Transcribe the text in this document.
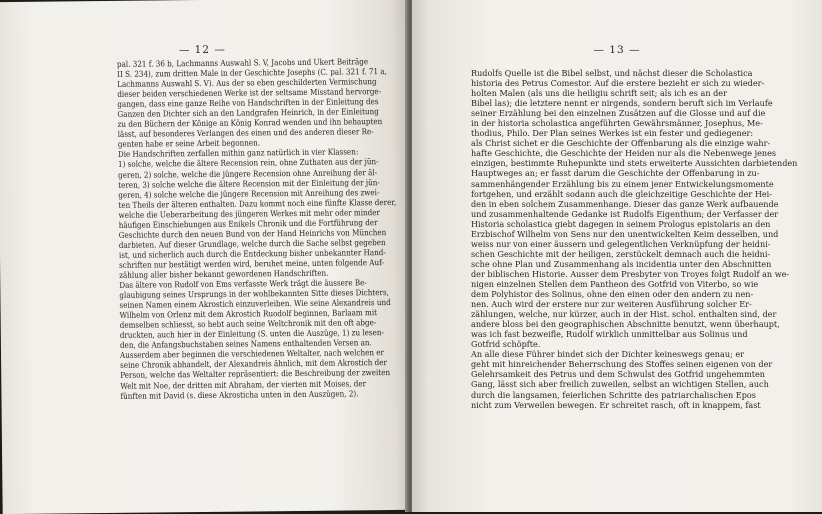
— 12 —
pal. 321 f. 36 b, Lachmanns Auswahl S. V, Jacobs und Ukert Beiträge
II S. 234), zum dritten Male in der Geschichte Josephs (C. pal. 321 f. 71 a,
Lachmanns Auswahl S. V). Aus der so eben geschilderten Vermischung
dieser beiden verschiedenen Werke ist der seltsame Misstand hervorge-
gangen, dass eine ganze Reihe von Handschriften in der Einleitung des
Ganzen den Dichter sich an den Landgrafen Heinrich, in der Einleitung
zu den Büchern der Könige an König Konrad wenden und ihn behaupten
lässt, auf besonderes Verlangen des einen und des anderen dieser Re-
genten habe er seine Arbeit begonnen.
Die Handschriften zerfallen mithin ganz natürlich in vier Klassen:
1) solche, welche die ältere Recension rein, ohne Zuthaten aus der jün-
geren, 2) solche, welche die jüngere Recension ohne Anreihung der äl-
teren, 3) solche welche die ältere Recension mit der Einleitung der jün-
geren, 4) solche welche die jüngere Recension mit Anreihung des zwei-
ten Theils der älteren enthalten. Dazu kommt noch eine fünfte Klasse derer,
welche die Ueberarbeitung des jüngeren Werkes mit mehr oder minder
häufigen Einschiebungen aus Enikels Chronik und die Fortführung der
Geschichte durch den neuen Bund von der Hand Heinrichs von München
darbieten. Auf dieser Grundlage, welche durch die Sache selbst gegeben
ist, und sicherlich auch durch die Entdeckung bisher unbekannter Hand-
schriften nur bestätigt werden wird, beruhet meine, unten folgende Auf-
zählung aller bisher bekannt gewordenen Handschriften.
Das ältere von Rudolf von Ems verfasste Werk trägt die äussere Be-
glaubigung seines Ursprungs in der wohlbekannten Sitte dieses Dichters,
seinen Namen einem Akrostich einzuverleiben. Wie seine Alexandreis und
Wilhelm von Orlenz mit dem Akrostich Ruodolf beginnen, Barlaam mit
demselben schliesst, so hebt auch seine Weltchronik mit den oft abge-
druckten, auch hier in der Einleitung (S. unten die Auszüge, 1) zu lesen-
den, die Anfangsbuchstaben seines Namens enthaltenden Versen an.
Ausserdem aber beginnen die verschiedenen Weltalter, nach welchen er
seine Chronik abhandelt, der Alexandreis ähnlich, mit dem Akrostich der
Person, welche das Weltalter repräsentiert: die Beschreibung der zweiten
Welt mit Noe, der dritten mit Abraham, der vierten mit Moises, der
fünften mit David (s. diese Akrosticha unten in den Auszügen, 2).
— 13 —
Rudolfs Quelle ist die Bibel selbst, und nächst dieser die Scholastica
historia des Petrus Comestor. Auf die erstere bezieht er sich zu wieder-
holten Malen (als uns die heiligiu schrift seit; als ich es an der
Bibel las); die letztere nennt er nirgends, sondern beruft sich im Verlaufe
seiner Erzählung bei den einzelnen Zusätzen auf die Glosse und auf die
in der historia scholastica angeführten Gewährsmänner, Josephus, Me-
thodius, Philo. Der Plan seines Werkes ist ein fester und gediegener:
als Christ sichet er die Geschichte der Offenbarung als die einzige wahr-
hafte Geschichte, die Geschichte der Heiden nur als die Nebenwege jenes
einzigen, bestimmte Ruhepunkte und stets erweiterte Aussichten darbietenden
Hauptweges an; er fasst darum die Geschichte der Offenbarung in zu-
sammenhängender Erzählung bis zu einem jener Entwickelungsmomente
fortgehen, und erzählt sodann auch die gleichzeitige Geschichte der Hei-
den in eben solchem Zusammenhange. Dieser das ganze Werk aufbauende
und zusammenhaltende Gedanke ist Rudolfs Eigenthum; der Verfasser der
Historia scholastica giebt dagegen in seinem Prologus epistolaris an den
Erzbischof Wilhelm von Sens nur den unentwickelten Keim desselben, und
weiss nur von einer äussern und gelegentlichen Verknüpfung der heidni-
schen Geschichte mit der heiligen, zerstückelt demnach auch die heidni-
sche ohne Plan und Zusammenhang als incidentia unter den Abschnitten
der biblischen Historie. Ausser dem Presbyter von Troyes folgt Rudolf an we-
nigen einzelnen Stellen dem Pantheon des Gotfrid von Viterbo, so wie
dem Polyhistor des Solinus, ohne den einen oder den andern zu nen-
nen. Auch wird der erstere nur zur weiteren Ausführung solcher Er-
zählungen, welche, nur kürzer, auch in der Hist. schol. enthalten sind, der
andere bloss bei den geographischen Abschnitte benutzt, wenn überhaupt,
was ich fast bezweifle, Rudolf wirklich unmittelbar aus Solinus und
Gotfrid schöpfte.
An alle diese Führer bindet sich der Dichter keineswegs genau; er
geht mit hinreichender Beherrschung des Stoffes seinen eigenen von der
Gelehrsamkeit des Petrus und dem Schwulst des Gotfrid ungehemmten
Gang, lässt sich aber freilich zuweilen, selbst an wichtigen Stellen, auch
durch die langsamen, feierlichen Schritte des patriarchalischen Epos
nicht zum Verweilen bewegen. Er schreitet rasch, oft in knappem, fast
